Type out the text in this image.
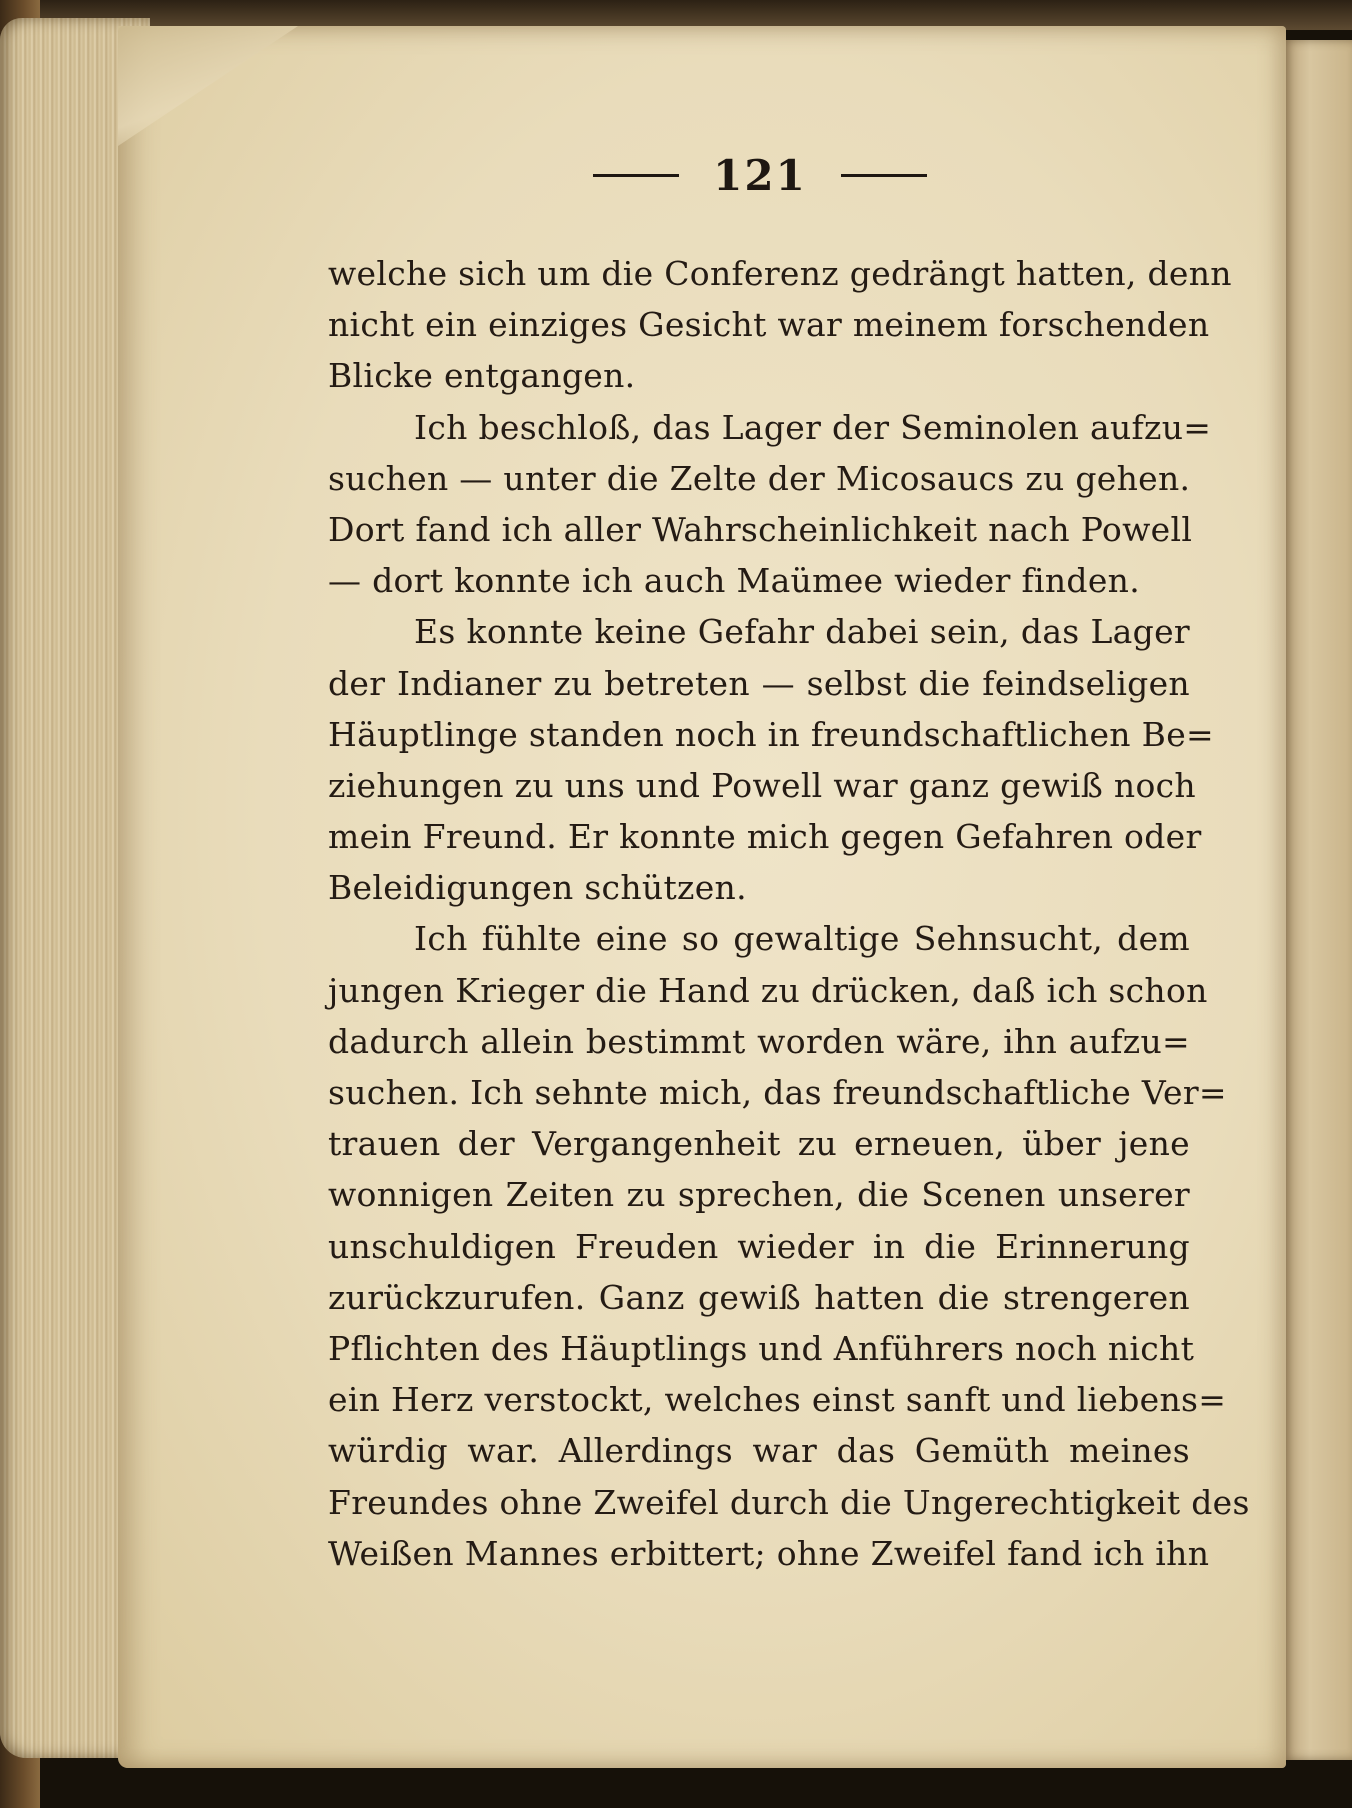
121
welche sich um die Conferenz gedrängt hatten, denn
nicht ein einziges Gesicht war meinem forschenden
Blicke entgangen.
Ich beschloß, das Lager der Seminolen aufzu=
suchen — unter die Zelte der Micosaucs zu gehen.
Dort fand ich aller Wahrscheinlichkeit nach Powell
— dort konnte ich auch Maümee wieder finden.
Es konnte keine Gefahr dabei sein, das Lager
der Indianer zu betreten — selbst die feindseligen
Häuptlinge standen noch in freundschaftlichen Be=
ziehungen zu uns und Powell war ganz gewiß noch
mein Freund. Er konnte mich gegen Gefahren oder
Beleidigungen schützen.
Ich fühlte eine so gewaltige Sehnsucht, dem
jungen Krieger die Hand zu drücken, daß ich schon
dadurch allein bestimmt worden wäre, ihn aufzu=
suchen. Ich sehnte mich, das freundschaftliche Ver=
trauen der Vergangenheit zu erneuen, über jene
wonnigen Zeiten zu sprechen, die Scenen unserer
unschuldigen Freuden wieder in die Erinnerung
zurückzurufen. Ganz gewiß hatten die strengeren
Pflichten des Häuptlings und Anführers noch nicht
ein Herz verstockt, welches einst sanft und liebens=
würdig war. Allerdings war das Gemüth meines
Freundes ohne Zweifel durch die Ungerechtigkeit des
Weißen Mannes erbittert; ohne Zweifel fand ich ihn
